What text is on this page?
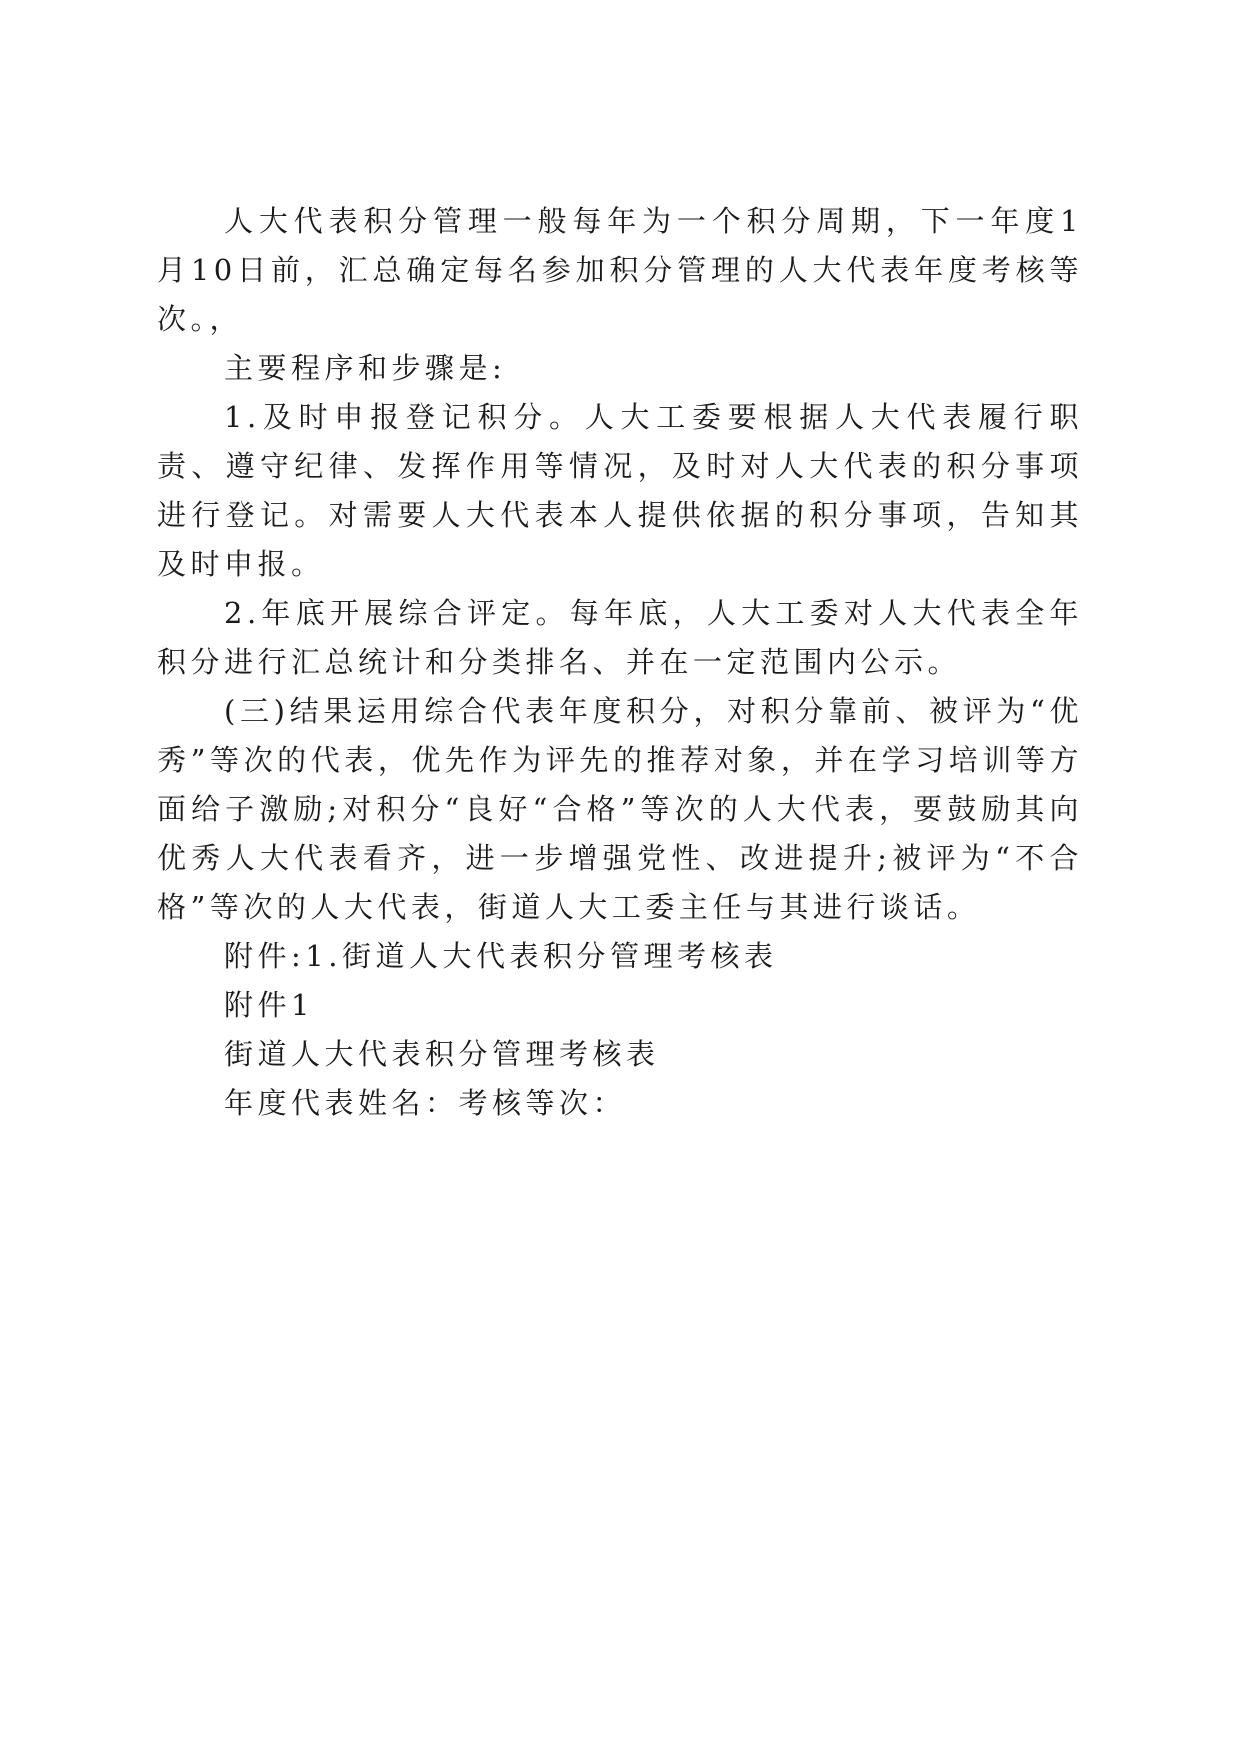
人大代表积分管理一般每年为一个积分周期，下一年度1月10日前，汇总确定每名参加积分管理的人大代表年度考核等次。，

主要程序和步骤是:

1.及时申报登记积分。人大工委要根据人大代表履行职责、遵守纪律、发挥作用等情况，及时对人大代表的积分事项进行登记。对需要人大代表本人提供依据的积分事项，告知其及时申报。

2.年底开展综合评定。每年底，人大工委对人大代表全年积分进行汇总统计和分类排名、并在一定范围内公示。

(三)结果运用综合代表年度积分，对积分靠前、被评为“优秀”等次的代表，优先作为评先的推荐对象，并在学习培训等方面给子激励;对积分“良好“合格”等次的人大代表，要鼓励其向优秀人大代表看齐，进一步增强党性、改进提升;被评为“不合格”等次的人大代表，街道人大工委主任与其进行谈话。

附件:1.街道人大代表积分管理考核表

附件1

街道人大代表积分管理考核表

年度代表姓名：考核等次：
